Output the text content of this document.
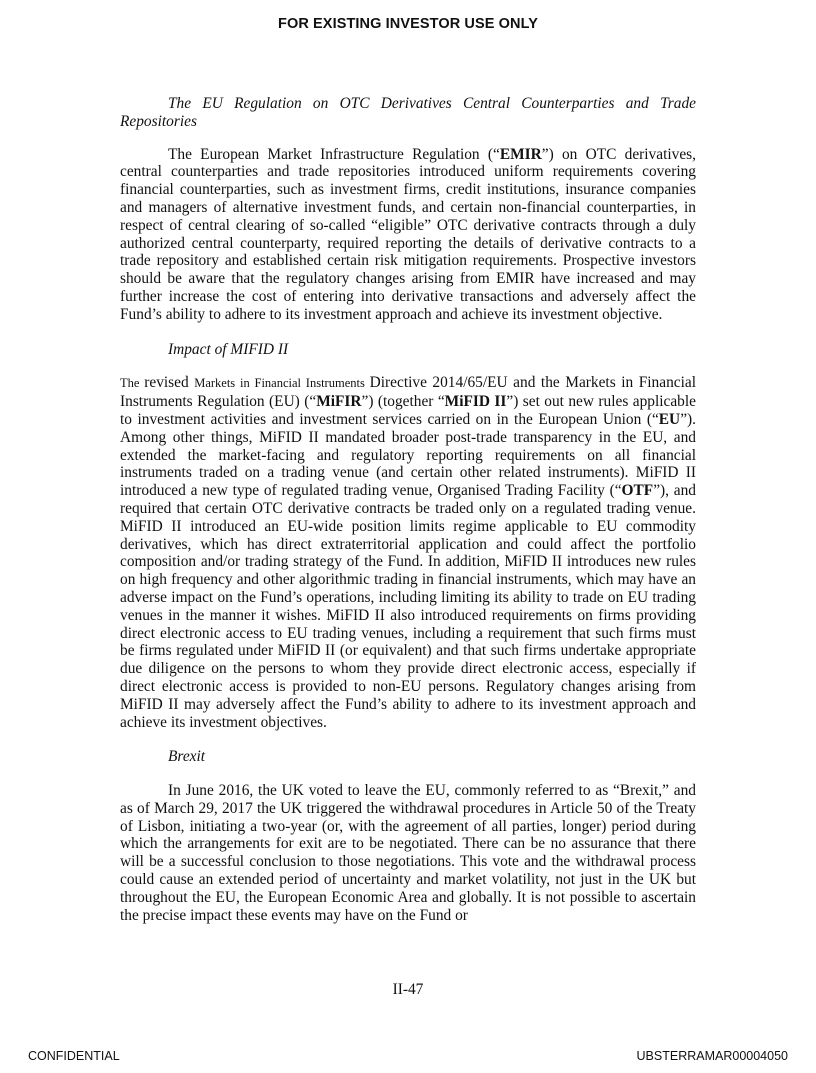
FOR EXISTING INVESTOR USE ONLY

The EU Regulation on OTC Derivatives Central Counterparties and Trade Repositories

The European Market Infrastructure Regulation (“EMIR”) on OTC derivatives, central counterparties and trade repositories introduced uniform requirements covering financial counterparties, such as investment firms, credit institutions, insurance companies and managers of alternative investment funds, and certain non-financial counterparties, in respect of central clearing of so-called “eligible” OTC derivative contracts through a duly authorized central counterparty, required reporting the details of derivative contracts to a trade repository and established certain risk mitigation requirements. Prospective investors should be aware that the regulatory changes arising from EMIR have increased and may further increase the cost of entering into derivative transactions and adversely affect the Fund’s ability to adhere to its investment approach and achieve its investment objective.

Impact of MIFID II

The revised Markets in Financial Instruments Directive 2014/65/EU and the Markets in Financial Instruments Regulation (EU) (“MiFIR”) (together “MiFID II”) set out new rules applicable to investment activities and investment services carried on in the European Union (“EU”). Among other things, MiFID II mandated broader post-trade transparency in the EU, and extended the market-facing and regulatory reporting requirements on all financial instruments traded on a trading venue (and certain other related instruments). MiFID II introduced a new type of regulated trading venue, Organised Trading Facility (“OTF”), and required that certain OTC derivative contracts be traded only on a regulated trading venue. MiFID II introduced an EU-wide position limits regime applicable to EU commodity derivatives, which has direct extraterritorial application and could affect the portfolio composition and/or trading strategy of the Fund. In addition, MiFID II introduces new rules on high frequency and other algorithmic trading in financial instruments, which may have an adverse impact on the Fund’s operations, including limiting its ability to trade on EU trading venues in the manner it wishes. MiFID II also introduced requirements on firms providing direct electronic access to EU trading venues, including a requirement that such firms must be firms regulated under MiFID II (or equivalent) and that such firms undertake appropriate due diligence on the persons to whom they provide direct electronic access, especially if direct electronic access is provided to non-EU persons. Regulatory changes arising from MiFID II may adversely affect the Fund’s ability to adhere to its investment approach and achieve its investment objectives.

Brexit

In June 2016, the UK voted to leave the EU, commonly referred to as “Brexit,” and as of March 29, 2017 the UK triggered the withdrawal procedures in Article 50 of the Treaty of Lisbon, initiating a two-year (or, with the agreement of all parties, longer) period during which the arrangements for exit are to be negotiated. There can be no assurance that there will be a successful conclusion to those negotiations. This vote and the withdrawal process could cause an extended period of uncertainty and market volatility, not just in the UK but throughout the EU, the European Economic Area and globally. It is not possible to ascertain the precise impact these events may have on the Fund or

II-47
CONFIDENTIAL	UBSTERRAMAR00004050
